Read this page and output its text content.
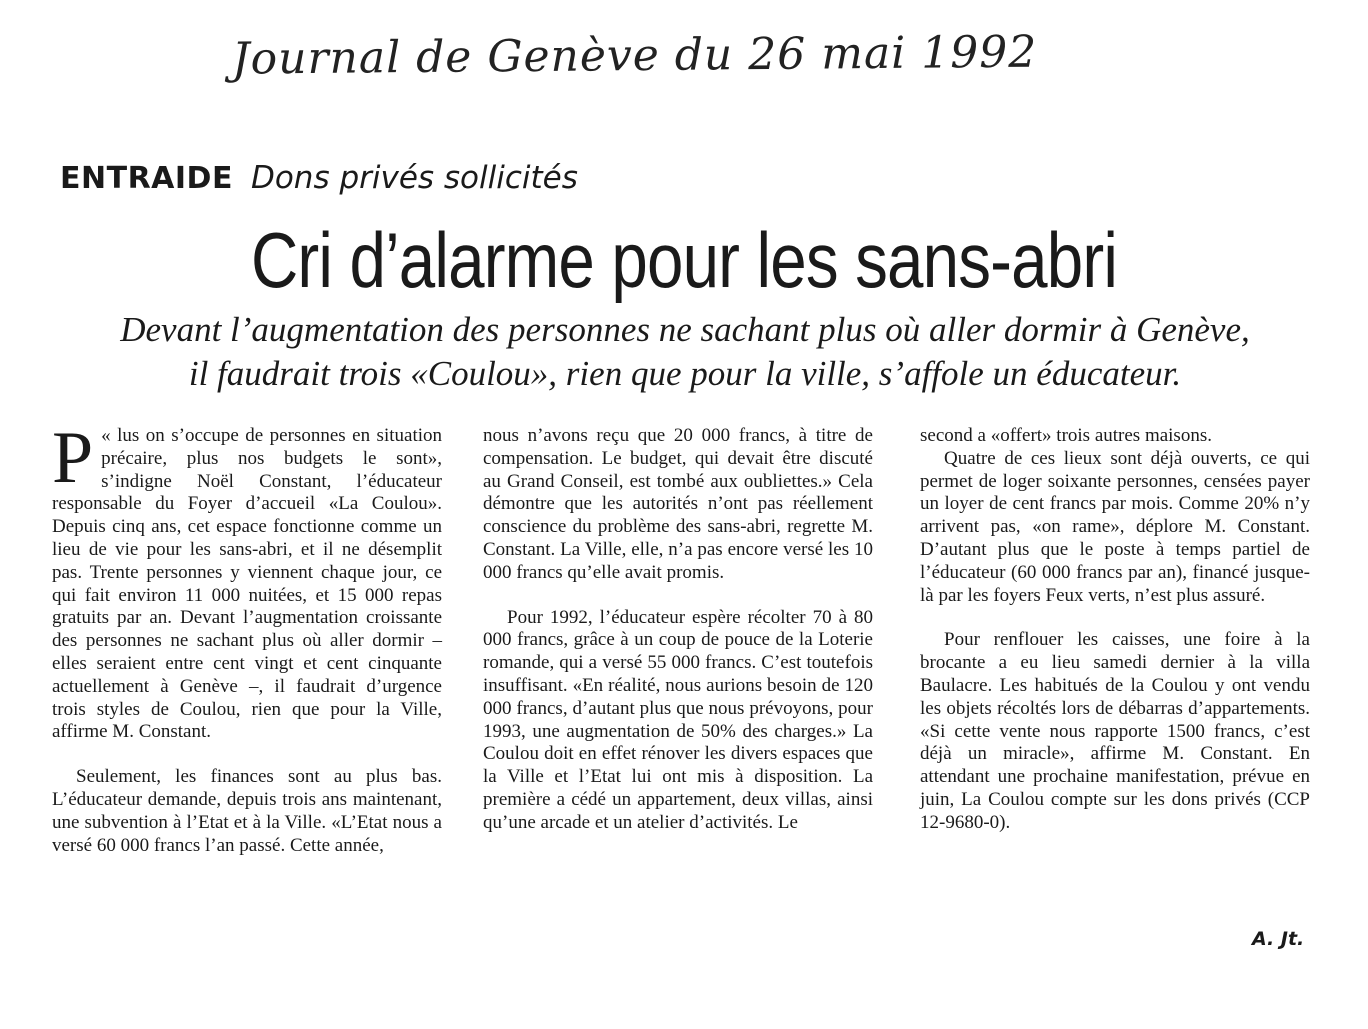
Journal de Genève du 26 mai 1992
ENTRAIDE Dons privés sollicités
Cri d’alarme pour les sans-abri
Devant l’augmentation des personnes ne sachant plus où aller dormir à Genève,
il faudrait trois «Coulou», rien que pour la ville, s’affole un éducateur.

«
P lus on s’occupe de personnes en situation précaire, plus nos budgets le sont», s’indigne Noël Constant, l’éducateur responsable du Foyer d’accueil «La Coulou». Depuis cinq ans, cet espace fonctionne comme un lieu de vie pour les sans-abri, et il ne désemplit pas. Trente personnes y viennent chaque jour, ce qui fait environ 11 000 nuitées, et 15 000 repas gratuits par an. Devant l’augmentation croissante des personnes ne sachant plus où aller dormir – elles seraient entre cent vingt et cent cinquante actuellement à Genève –, il faudrait d’urgence trois styles de Coulou, rien que pour la Ville, affirme M. Constant.

Seulement, les finances sont au plus bas. L’éducateur demande, depuis trois ans maintenant, une subvention à l’Etat et à la Ville. «L’Etat nous a versé 60 000 francs l’an passé. Cette année,

nous n’avons reçu que 20 000 francs, à titre de compensation. Le budget, qui devait être discuté au Grand Conseil, est tombé aux oubliettes.» Cela démontre que les autorités n’ont pas réellement conscience du problème des sans-abri, regrette M. Constant. La Ville, elle, n’a pas encore versé les 10 000 francs qu’elle avait promis.

Pour 1992, l’éducateur espère récolter 70 à 80 000 francs, grâce à un coup de pouce de la Loterie romande, qui a versé 55 000 francs. C’est toutefois insuffisant. «En réalité, nous aurions besoin de 120 000 francs, d’autant plus que nous prévoyons, pour 1993, une augmentation de 50% des charges.» La Coulou doit en effet rénover les divers espaces que la Ville et l’Etat lui ont mis à disposition. La première a cédé un appartement, deux villas, ainsi qu’une arcade et un atelier d’activités. Le

second a «offert» trois autres maisons.

Quatre de ces lieux sont déjà ouverts, ce qui permet de loger soixante personnes, censées payer un loyer de cent francs par mois. Comme 20% n’y arrivent pas, «on rame», déplore M. Constant. D’autant plus que le poste à temps partiel de l’éducateur (60 000 francs par an), financé jusque-là par les foyers Feux verts, n’est plus assuré.

Pour renflouer les caisses, une foire à la brocante a eu lieu samedi dernier à la villa Baulacre. Les habitués de la Coulou y ont vendu les objets récoltés lors de débarras d’appartements. «Si cette vente nous rapporte 1500 francs, c’est déjà un miracle», affirme M. Constant. En attendant une prochaine manifestation, prévue en juin, La Coulou compte sur les dons privés (CCP 12-9680-0).

A. Jt.
